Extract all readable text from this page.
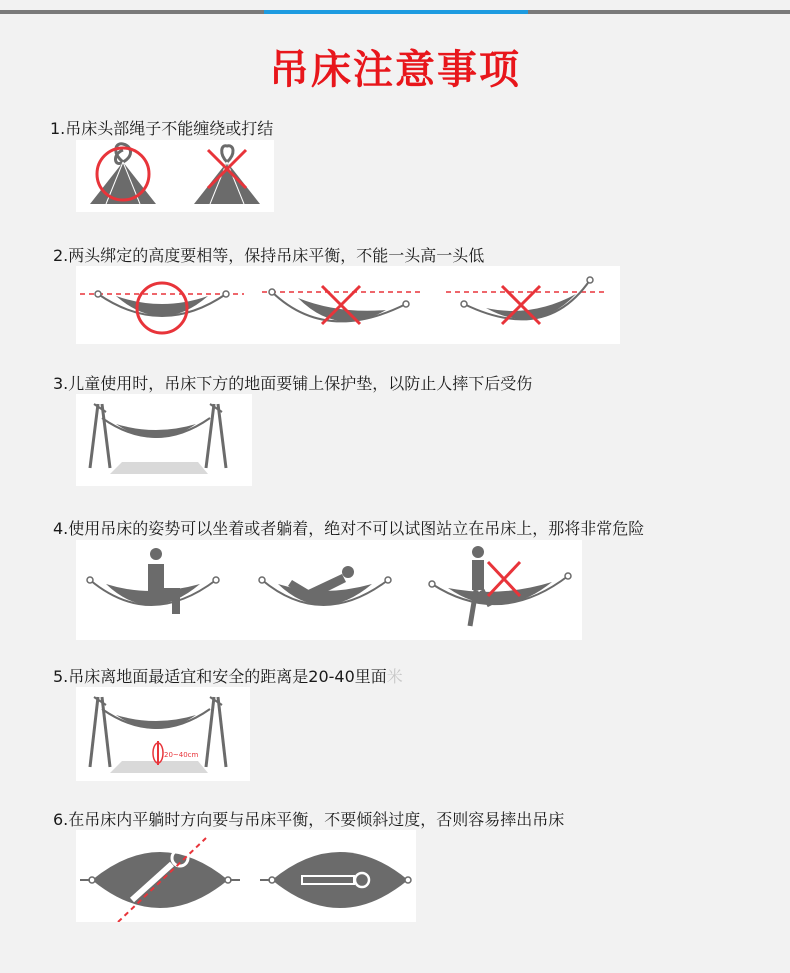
吊床注意事项
1.吊床头部绳子不能缠绕或打结
2.两头绑定的高度要相等，保持吊床平衡，不能一头高一头低
3.儿童使用时，吊床下方的地面要铺上保护垫，以防止人摔下后受伤
4.使用吊床的姿势可以坐着或者躺着，绝对不可以试图站立在吊床上，那将非常危险
5.吊床离地面最适宜和安全的距离是20-40里面米
20~40cm
6.在吊床内平躺时方向要与吊床平衡，不要倾斜过度，否则容易摔出吊床
